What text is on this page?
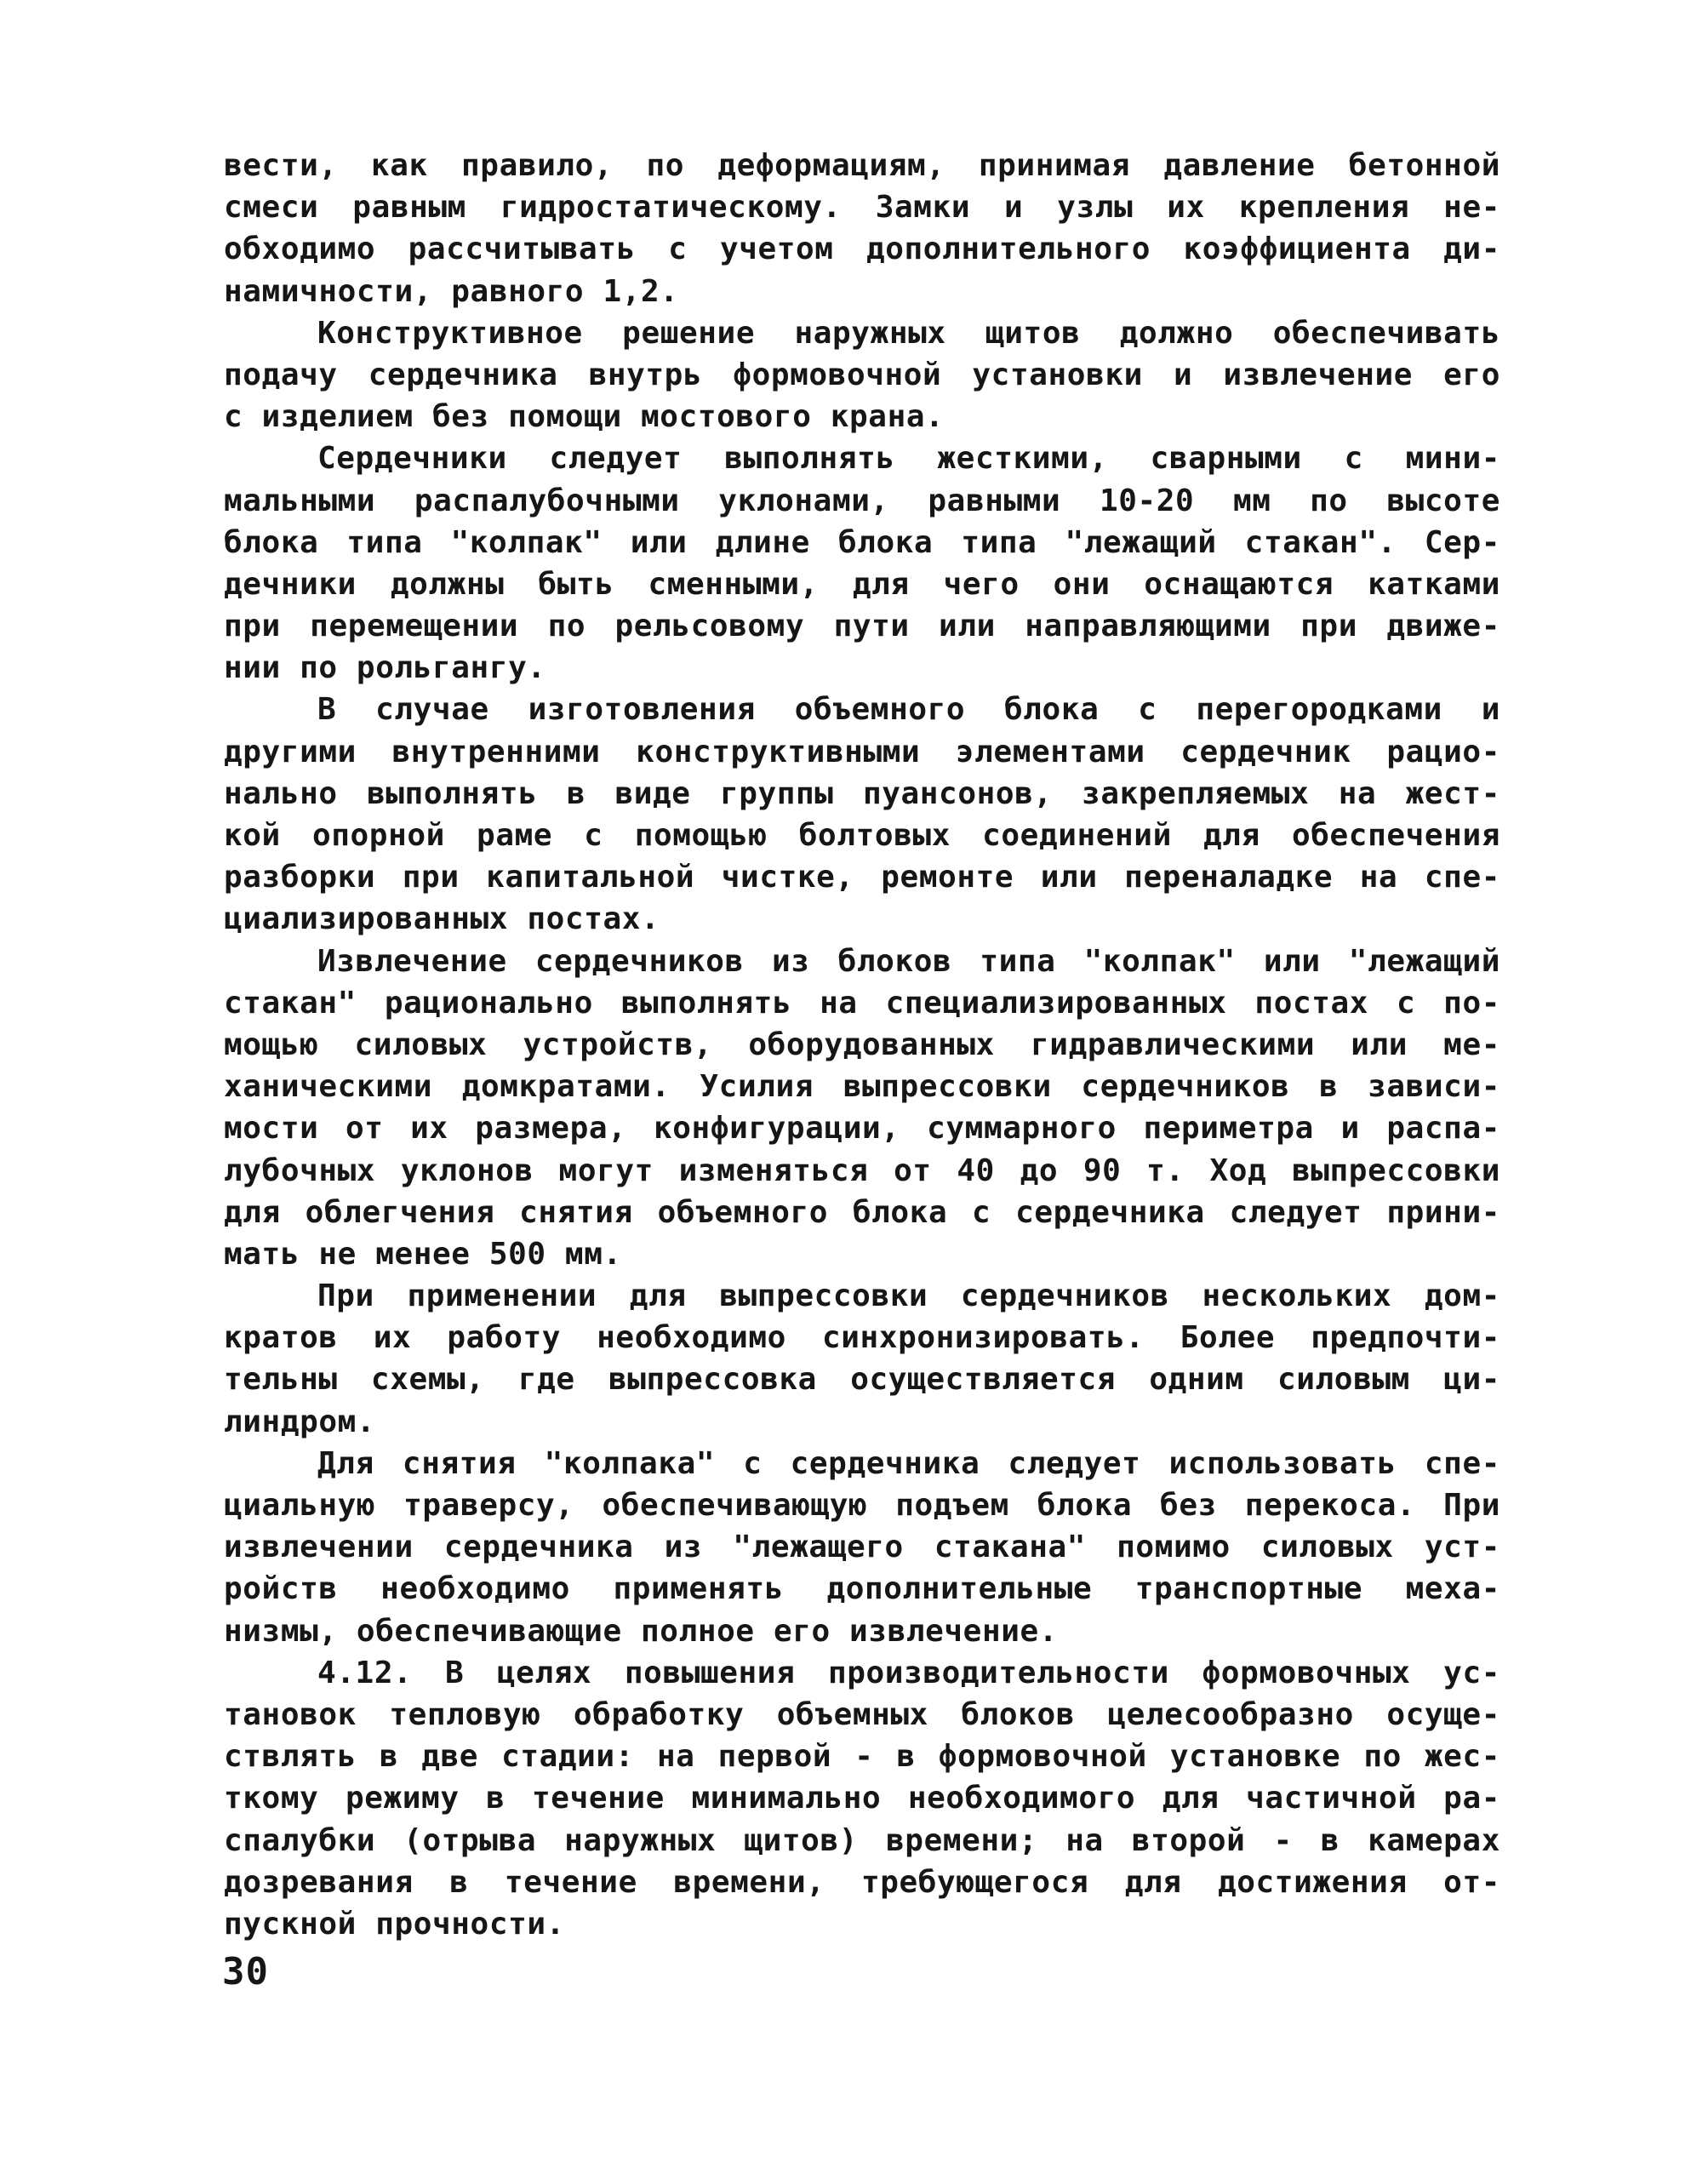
вести, как правило, по деформациям, принимая давление бетонной
смеси равным гидростатическому. Замки и узлы их крепления не-
обходимо рассчитывать с учетом дополнительного коэффициента ди-
намичности, равного 1,2.
Конструктивное решение наружных щитов должно обеспечивать
подачу сердечника внутрь формовочной установки и извлечение его
с изделием без помощи мостового крана.
Сердечники следует выполнять жесткими, сварными с мини-
мальными распалубочными уклонами, равными 10-20 мм по высоте
блока типа "колпак" или длине блока типа "лежащий стакан". Сер-
дечники должны быть сменными, для чего они оснащаются катками
при перемещении по рельсовому пути или направляющими при движе-
нии по рольгангу.
В случае изготовления объемного блока с перегородками и
другими внутренними конструктивными элементами сердечник рацио-
нально выполнять в виде группы пуансонов, закрепляемых на жест-
кой опорной раме с помощью болтовых соединений для обеспечения
разборки при капитальной чистке, ремонте или переналадке на спе-
циализированных постах.
Извлечение сердечников из блоков типа "колпак" или "лежащий
стакан" рационально выполнять на специализированных постах с по-
мощью силовых устройств, оборудованных гидравлическими или ме-
ханическими домкратами. Усилия выпрессовки сердечников в зависи-
мости от их размера, конфигурации, суммарного периметра и распа-
лубочных уклонов могут изменяться от 40 до 90 т. Ход выпрессовки
для облегчения снятия объемного блока с сердечника следует прини-
мать не менее 500 мм.
При применении для выпрессовки сердечников нескольких дом-
кратов их работу необходимо синхронизировать. Более предпочти-
тельны схемы, где выпрессовка осуществляется одним силовым ци-
линдром.
Для снятия "колпака" с сердечника следует использовать спе-
циальную траверсу, обеспечивающую подъем блока без перекоса. При
извлечении сердечника из "лежащего стакана" помимо силовых уст-
ройств необходимо применять дополнительные транспортные меха-
низмы, обеспечивающие полное его извлечение.
4.12. В целях повышения производительности формовочных ус-
тановок тепловую обработку объемных блоков целесообразно осуще-
ствлять в две стадии: на первой - в формовочной установке по жес-
ткому режиму в течение минимально необходимого для частичной ра-
спалубки (отрыва наружных щитов) времени; на второй - в камерах
дозревания в течение времени, требующегося для достижения от-
пускной прочности.
30
